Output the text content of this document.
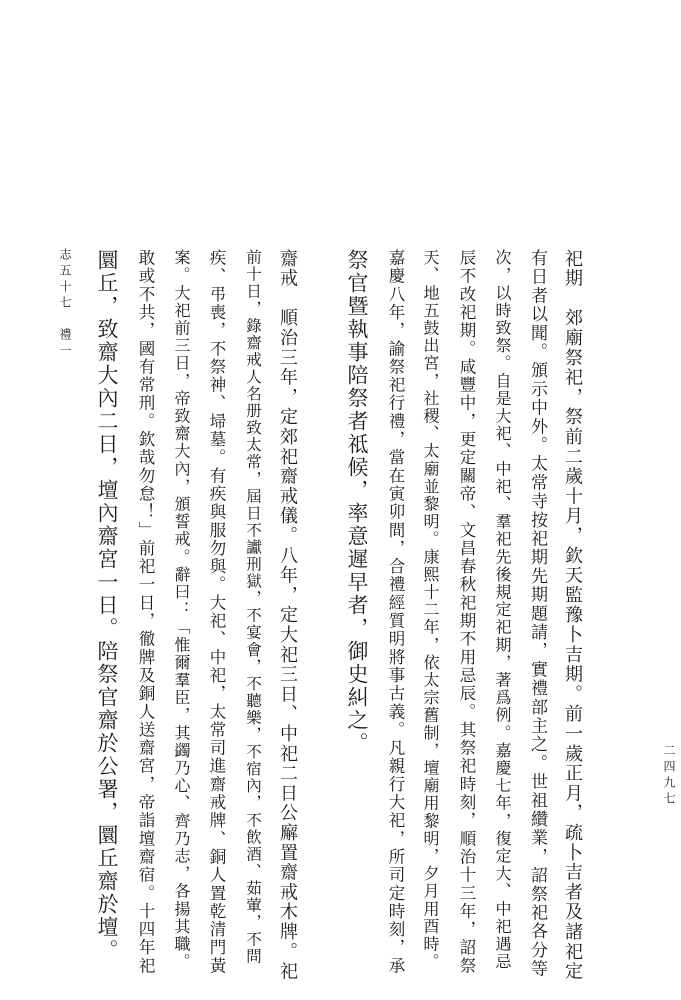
二四九七
祀期　郊廟祭祀，祭前二歲十月，欽天監豫卜吉期。前一歲正月，疏卜吉者及諸祀定
有日者以聞。頒示中外。太常寺按祀期先期題請，實禮部主之。世祖纘業，詔祭祀各分等
次，以時致祭。自是大祀、中祀、羣祀先後規定祀期，著爲例。嘉慶七年，復定大、中祀遇忌
辰不改祀期。咸豐中，更定關帝、文昌春秋祀期不用忌辰。其祭祀時刻，順治十三年，詔祭
天、地五鼓出宮，社稷、太廟並黎明。康熙十二年，依太宗舊制，壇廟用黎明，夕月用酉時。
嘉慶八年，諭祭祀行禮，當在寅卯間，合禮經質明將事古義。凡親行大祀，所司定時刻，承
祭官暨執事陪祭者祗候，率意遲早者，御史糾之。
齋戒　順治三年，定郊祀齋戒儀。八年，定大祀三日、中祀二日公廨置齋戒木牌。祀
前十日，錄齋戒人名册致太常，屆日不讞刑獄，不宴會，不聽樂，不宿內，不飲酒、茹葷，不問
疾、弔喪，不祭神、埽墓。有疾與服勿與。大祀、中祀，太常司進齋戒牌、銅人置乾清門黃
案。大祀前三日，帝致齋大內，頒誓戒。辭曰：「惟爾羣臣，其蠲乃心、齊乃志，各揚其職。
敢或不共，國有常刑。欽哉勿怠！」前祀一日，徹牌及銅人送齋宮，帝詣壇齋宿。十四年祀
圜丘，致齋大內二日，壇內齋宮一日。陪祭官齋於公署，圜丘齋於壇。
志五十七　禮一
